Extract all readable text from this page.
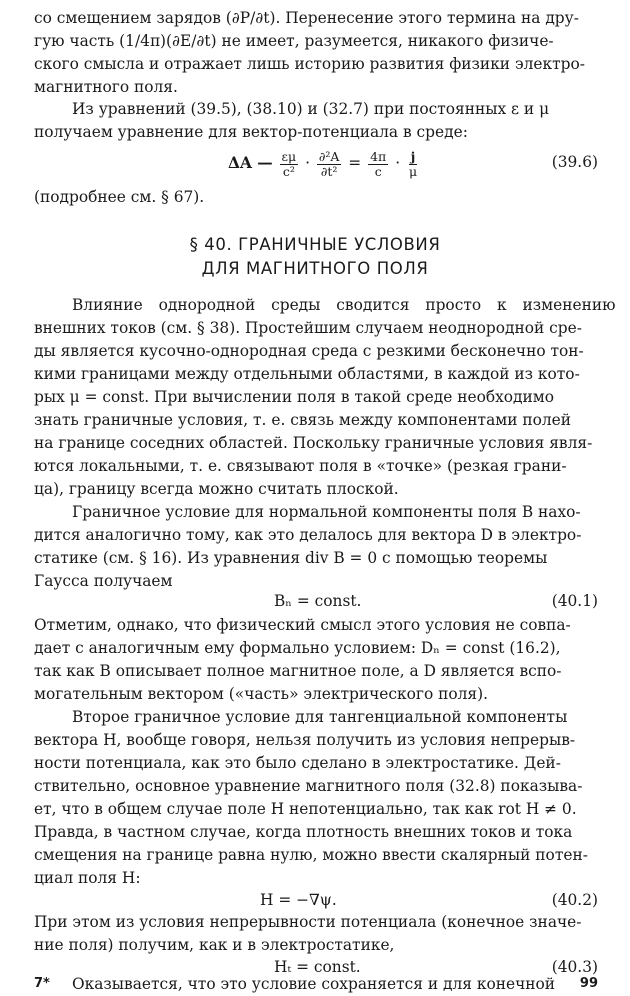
со смещением зарядов (∂P/∂t). Перенесение этого термина на дру-
гую часть (1/4π)(∂E/∂t) не имеет, разумеется, никакого физиче-
ского смысла и отражает лишь историю развития физики электро-
магнитного поля.
Из уравнений (39.5), (38.10) и (32.7) при постоянных ε и μ
получаем уравнение для вектор-потенциала в среде:
ΔA — $\frac{\varepsilon\mu}{\text{c²}} \cdot \frac{\text{∂²A}}{\text{∂t²}} = \frac{4\pi}{c} \cdot \frac{j}{\mu}$	(39.6)
(подробнее см. § 67).
§ 40. ГРАНИЧНЫЕ УСЛОВИЯ
ДЛЯ МАГНИТНОГО ПОЛЯ
Влияние однородной среды сводится просто к изменению
внешних токов (см. § 38). Простейшим случаем неоднородной сре-
ды является кусочно-однородная среда с резкими бесконечно тон-
кими границами между отдельными областями, в каждой из кото-
рых μ = const. При вычислении поля в такой среде необходимо
знать граничные условия, т. е. связь между компонентами полей
на границе соседних областей. Поскольку граничные условия явля-
ются локальными, т. е. связывают поля в «точке» (резкая грани-
ца), границу всегда можно считать плоской.
Граничное условие для нормальной компоненты поля B нахо-
дится аналогично тому, как это делалось для вектора D в электро-
статике (см. § 16). Из уравнения div B = 0 с помощью теоремы
Гаусса получаем
Bₙ = const.	(40.1)
Отметим, однако, что физический смысл этого условия не совпа-
дает с аналогичным ему формально условием: Dₙ = const (16.2),
так как B описывает полное магнитное поле, а D является вспо-
могательным вектором («часть» электрического поля).
Второе граничное условие для тангенциальной компоненты
вектора H, вообще говоря, нельзя получить из условия непрерыв-
ности потенциала, как это было сделано в электростатике. Дей-
ствительно, основное уравнение магнитного поля (32.8) показыва-
ет, что в общем случае поле H непотенциально, так как rot H ≠ 0.
Правда, в частном случае, когда плотность внешних токов и тока
смещения на границе равна нулю, можно ввести скалярный потен-
циал поля H:
H = −∇ψ.	(40.2)
При этом из условия непрерывности потенциала (конечное значе-
ние поля) получим, как и в электростатике,
Hₜ = const.	(40.3)
Оказывается, что это условие сохраняется и для конечной
7*	99
